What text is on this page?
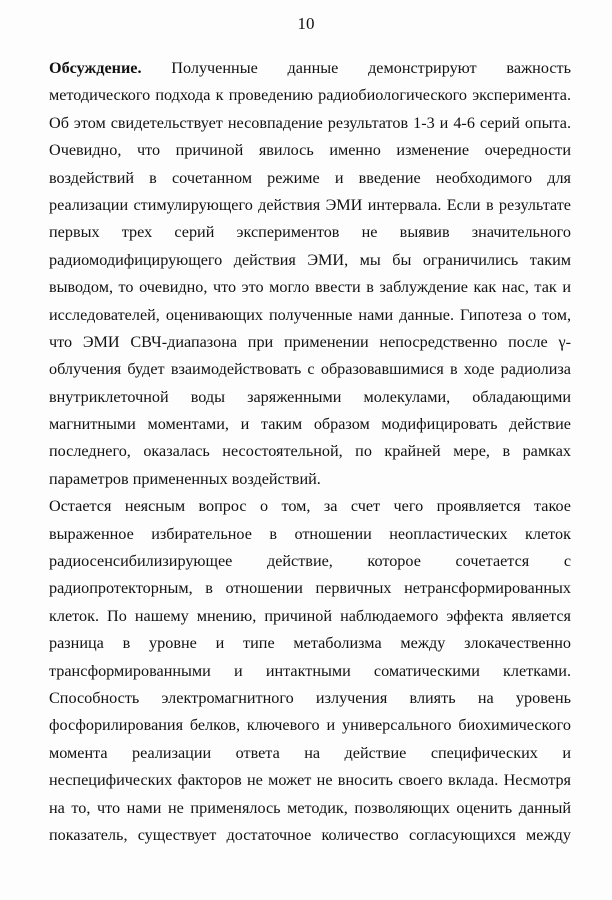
10
Обсуждение. Полученные данные демонстрируют важность
методического подхода к проведению радиобиологического эксперимента.
Об этом свидетельствует несовпадение результатов 1-3 и 4-6 серий опыта.
Очевидно, что причиной явилось именно изменение очередности
воздействий в сочетанном режиме и введение необходимого для
реализации стимулирующего действия ЭМИ интервала. Если в результате
первых трех серий экспериментов не выявив значительного
радиомодифицирующего действия ЭМИ, мы бы ограничились таким
выводом, то очевидно, что это могло ввести в заблуждение как нас, так и
исследователей, оценивающих полученные нами данные. Гипотеза о том,
что ЭМИ СВЧ-диапазона при применении непосредственно после γ-
облучения будет взаимодействовать с образовавшимися в ходе радиолиза
внутриклеточной воды заряженными молекулами, обладающими
магнитными моментами, и таким образом модифицировать действие
последнего, оказалась несостоятельной, по крайней мере, в рамках
параметров примененных воздействий.
Остается неясным вопрос о том, за счет чего проявляется такое
выраженное избирательное в отношении неопластических клеток
радиосенсибилизирующее действие, которое сочетается с
радиопротекторным, в отношении первичных нетрансформированных
клеток. По нашему мнению, причиной наблюдаемого эффекта является
разница в уровне и типе метаболизма между злокачественно
трансформированными и интактными соматическими клетками.
Способность электромагнитного излучения влиять на уровень
фосфорилирования белков, ключевого и универсального биохимического
момента реализации ответа на действие специфических и
неспецифических факторов не может не вносить своего вклада. Несмотря
на то, что нами не применялось методик, позволяющих оценить данный
показатель, существует достаточное количество согласующихся между
